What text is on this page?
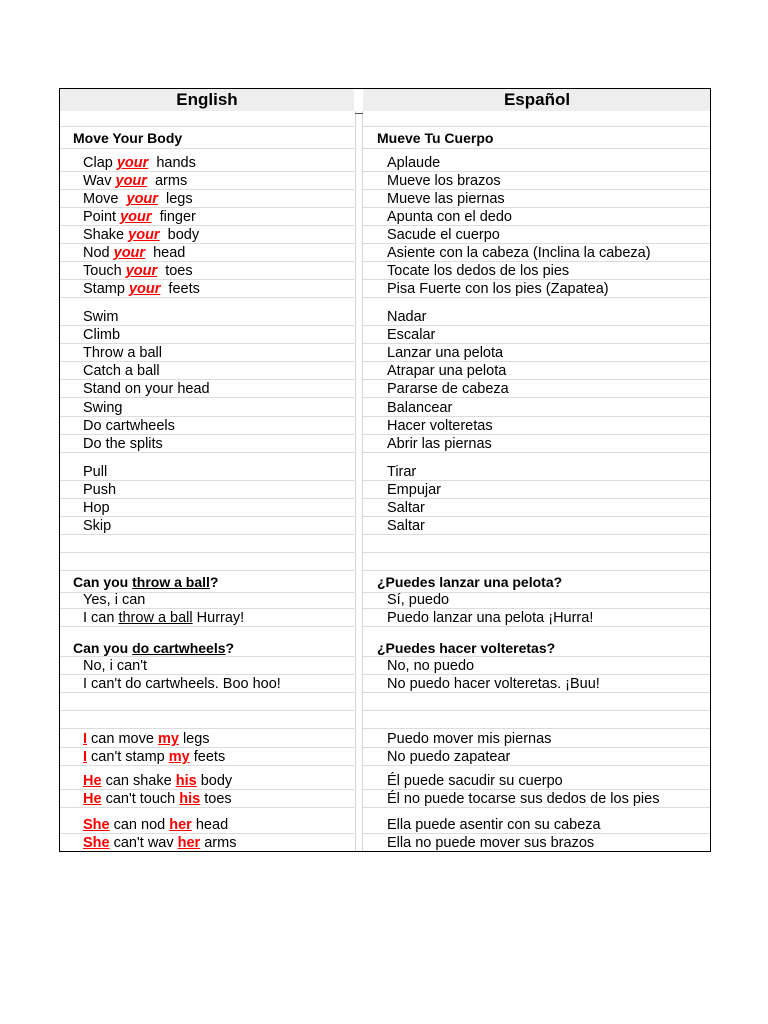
English	Español
Move Your Body	Mueve Tu Cuerpo
Clap your  hands	Aplaude
Wav your  arms	Mueve los brazos
Move  your  legs	Mueve las piernas
Point your  finger	Apunta con el dedo
Shake your  body	Sacude el cuerpo
Nod your  head	Asiente con la cabeza (Inclina la cabeza)
Touch your  toes	Tocate los dedos de los pies
Stamp your  feets	Pisa Fuerte con los pies (Zapatea)
Swim	Nadar
Climb	Escalar
Throw a ball	Lanzar una pelota
Catch a ball	Atrapar una pelota
Stand on your head	Pararse de cabeza
Swing	Balancear
Do cartwheels	Hacer volteretas
Do the splits	Abrir las piernas
Pull	Tirar
Push	Empujar
Hop	Saltar
Skip	Saltar
Can you throw a ball?	¿Puedes lanzar una pelota?
Yes, i can	Sí, puedo
I can throw a ball Hurray!	Puedo lanzar una pelota ¡Hurra!
Can you do cartwheels?	¿Puedes hacer volteretas?
No, i can't	No, no puedo
I can't do cartwheels. Boo hoo!	No puedo hacer volteretas. ¡Buu!
I can move my legs	Puedo mover mis piernas
I can't stamp my feets	No puedo zapatear
He can shake his body	Él puede sacudir su cuerpo
He can't touch his toes	Él no puede tocarse sus dedos de los pies
She can nod her head	Ella puede asentir con su cabeza
She can't wav her arms	Ella no puede mover sus brazos
